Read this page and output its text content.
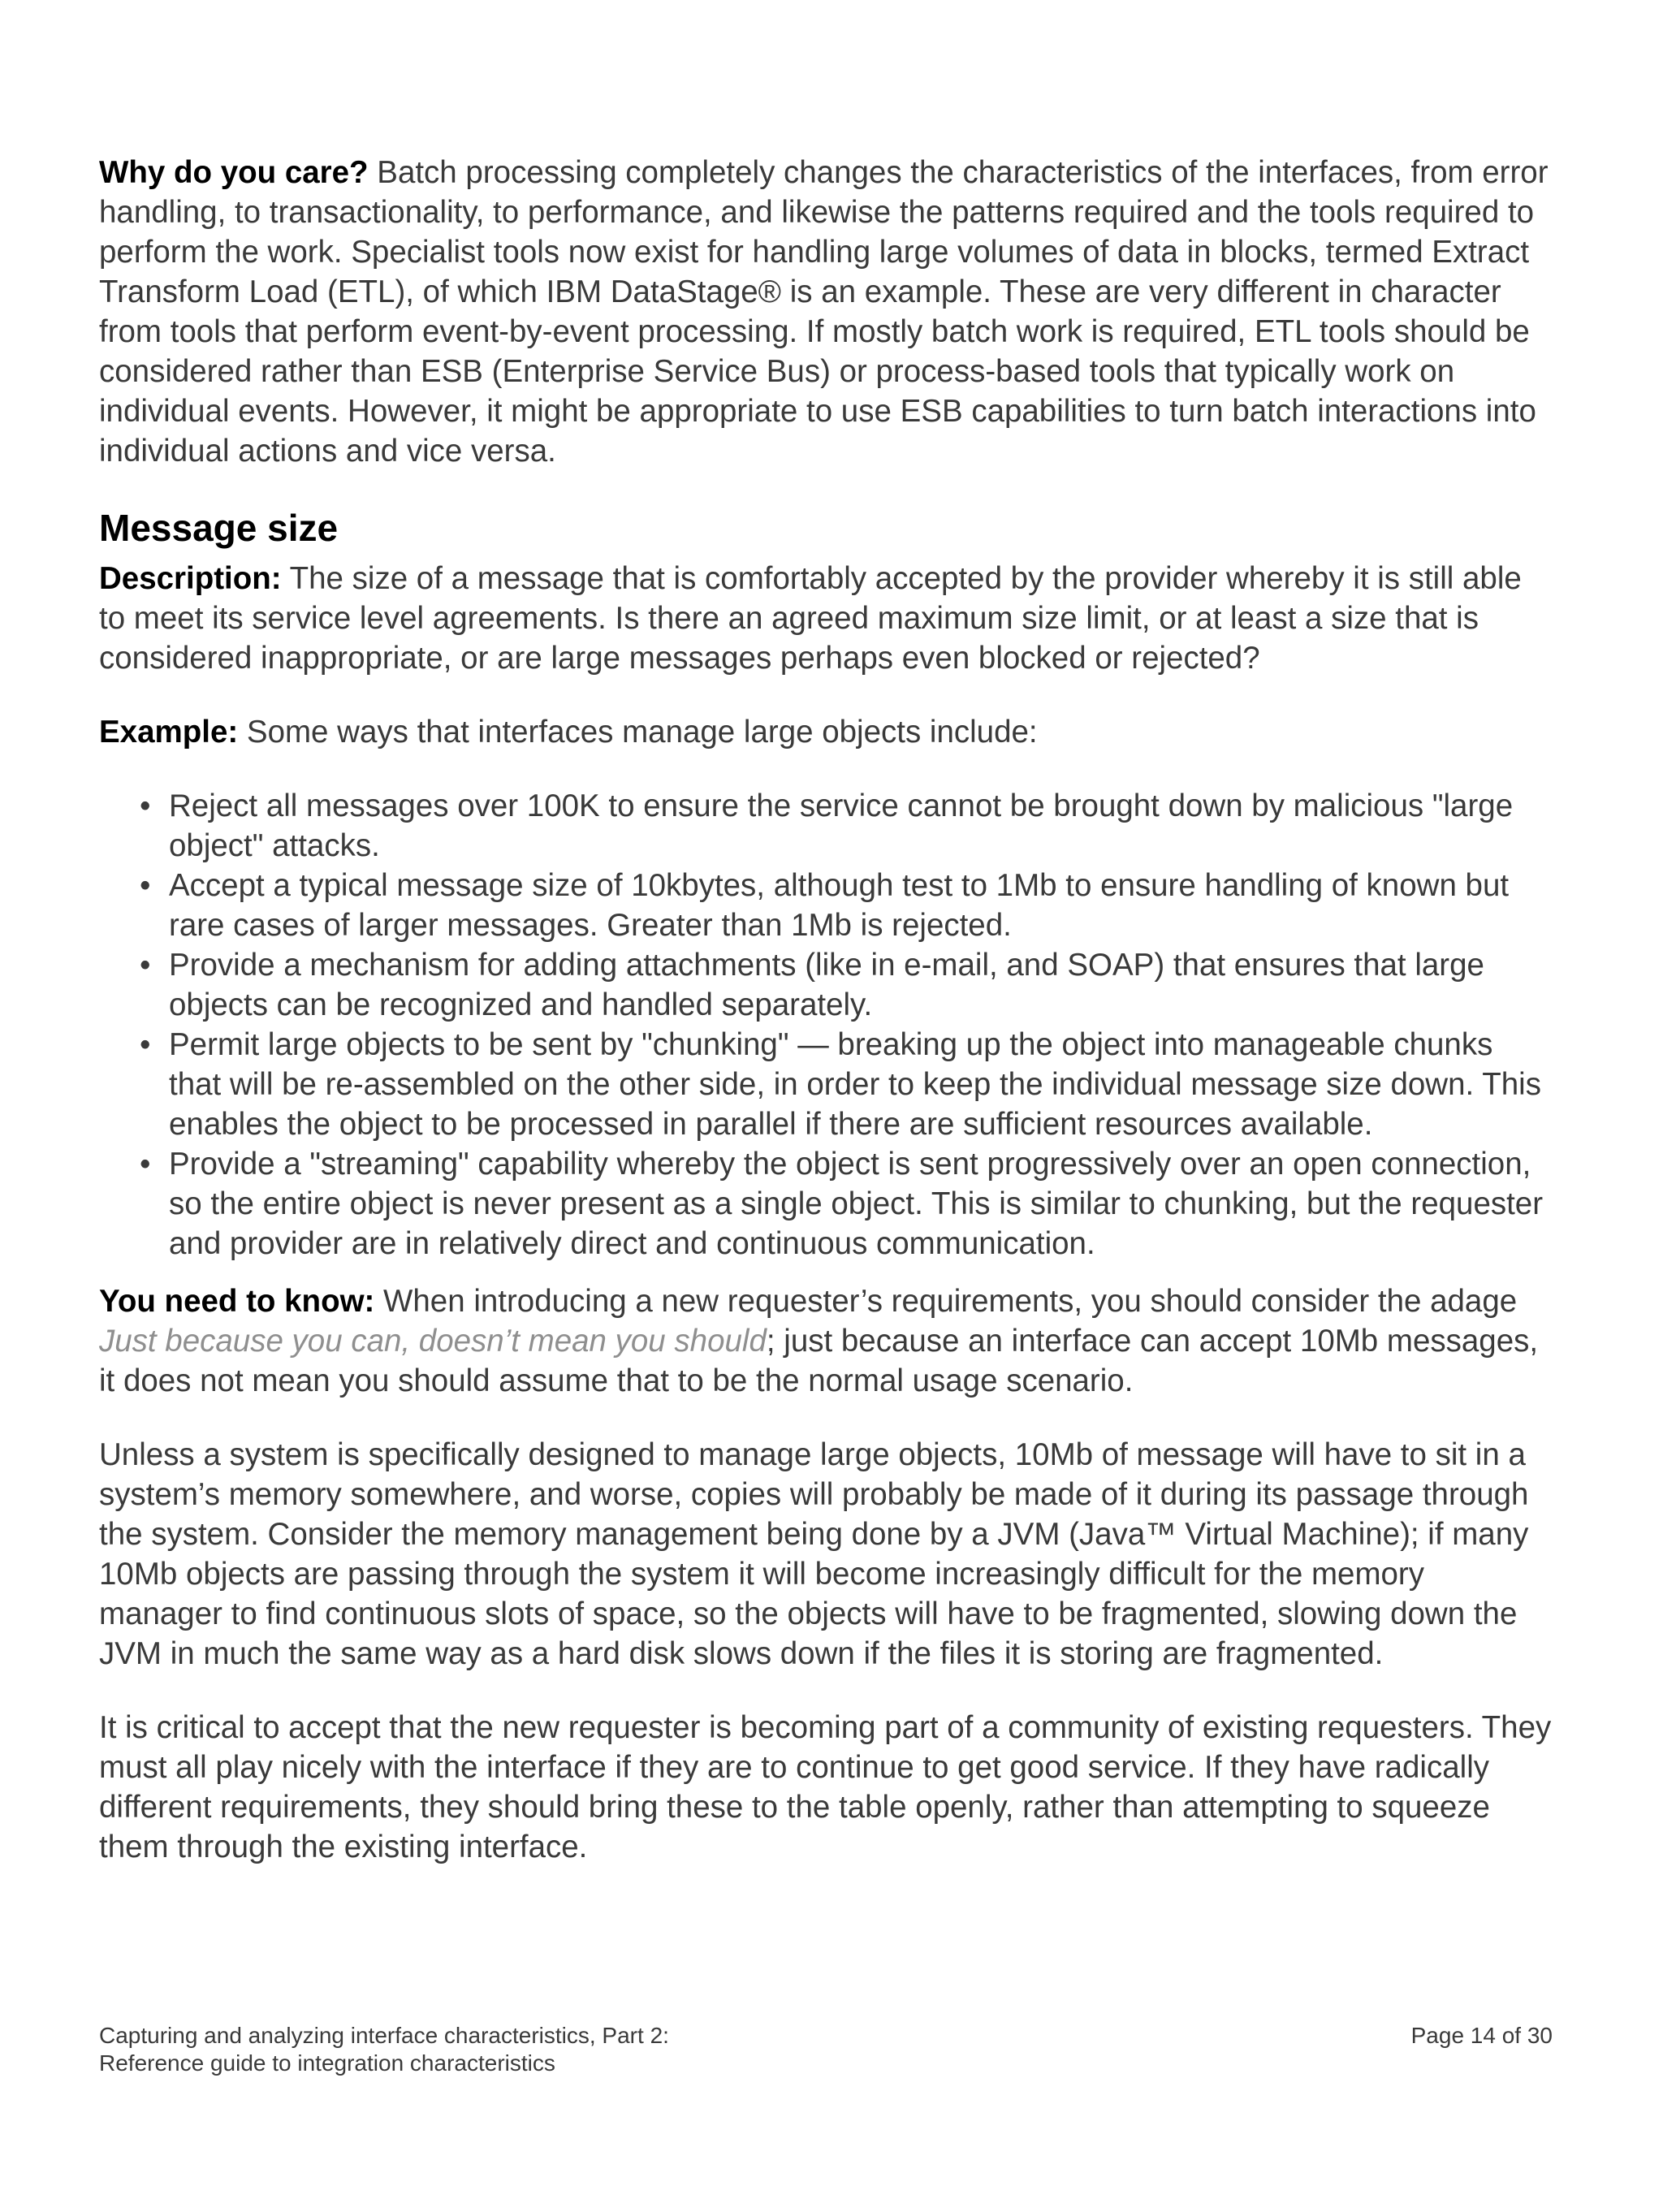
Why do you care? Batch processing completely changes the characteristics of the interfaces, from error handling, to transactionality, to performance, and likewise the patterns required and the tools required to perform the work. Specialist tools now exist for handling large volumes of data in blocks, termed Extract Transform Load (ETL), of which IBM DataStage® is an example. These are very different in character from tools that perform event-by-event processing. If mostly batch work is required, ETL tools should be considered rather than ESB (Enterprise Service Bus) or process-based tools that typically work on individual events. However, it might be appropriate to use ESB capabilities to turn batch interactions into individual actions and vice versa.

Message size

Description: The size of a message that is comfortably accepted by the provider whereby it is still able to meet its service level agreements. Is there an agreed maximum size limit, or at least a size that is considered inappropriate, or are large messages perhaps even blocked or rejected?

Example: Some ways that interfaces manage large objects include:

• Reject all messages over 100K to ensure the service cannot be brought down by malicious "large object" attacks.
• Accept a typical message size of 10kbytes, although test to 1Mb to ensure handling of known but rare cases of larger messages. Greater than 1Mb is rejected.
• Provide a mechanism for adding attachments (like in e-mail, and SOAP) that ensures that large objects can be recognized and handled separately.
• Permit large objects to be sent by "chunking" — breaking up the object into manageable chunks that will be re-assembled on the other side, in order to keep the individual message size down. This enables the object to be processed in parallel if there are sufficient resources available.
• Provide a "streaming" capability whereby the object is sent progressively over an open connection, so the entire object is never present as a single object. This is similar to chunking, but the requester and provider are in relatively direct and continuous communication.

You need to know: When introducing a new requester’s requirements, you should consider the adage Just because you can, doesn’t mean you should; just because an interface can accept 10Mb messages, it does not mean you should assume that to be the normal usage scenario.

Unless a system is specifically designed to manage large objects, 10Mb of message will have to sit in a system’s memory somewhere, and worse, copies will probably be made of it during its passage through the system. Consider the memory management being done by a JVM (Java™ Virtual Machine); if many 10Mb objects are passing through the system it will become increasingly difficult for the memory manager to find continuous slots of space, so the objects will have to be fragmented, slowing down the JVM in much the same way as a hard disk slows down if the files it is storing are fragmented.

It is critical to accept that the new requester is becoming part of a community of existing requesters. They must all play nicely with the interface if they are to continue to get good service. If they have radically different requirements, they should bring these to the table openly, rather than attempting to squeeze them through the existing interface.

Capturing and analyzing interface characteristics, Part 2:
Reference guide to integration characteristics
Page 14 of 30
